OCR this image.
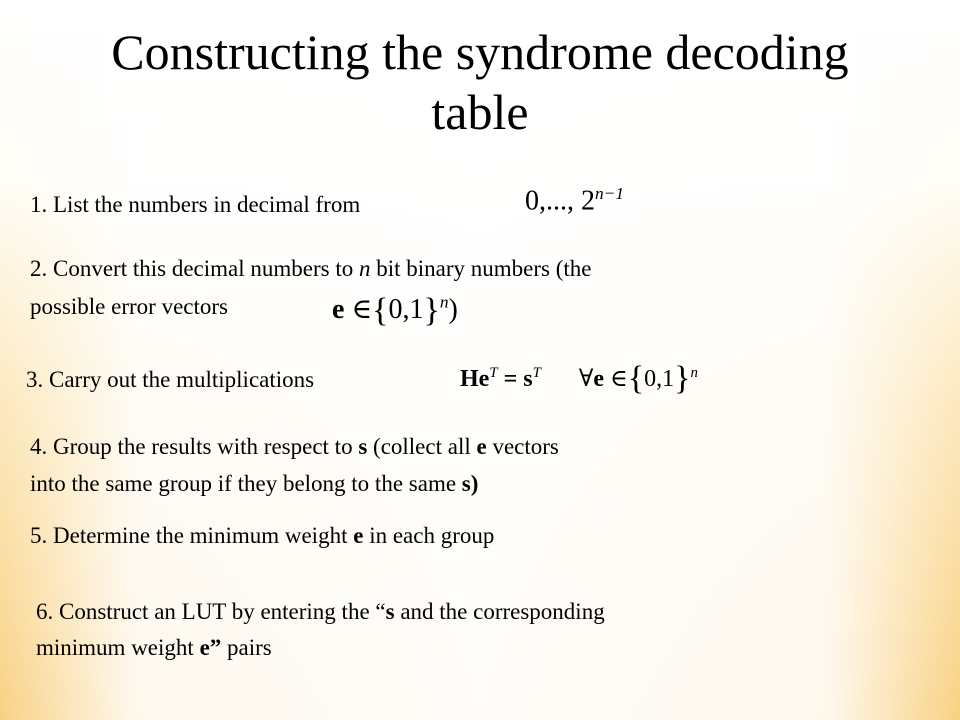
Constructing the syndrome decoding table
1. List the numbers in decimal from	0,..., $2^{n-1}$
2. Convert this decimal numbers to n bit binary numbers (the
possible error vectors	e $\in\{0,1\}^n$)
3. Carry out the multiplications	$He^T = s^T$ ∀e $\in\{0,1\}^n$
4. Group the results with respect to s (collect all e vectors
into the same group if they belong to the same s)
5. Determine the minimum weight e in each group
6. Construct an LUT by entering the “s and the corresponding
minimum weight e” pairs
